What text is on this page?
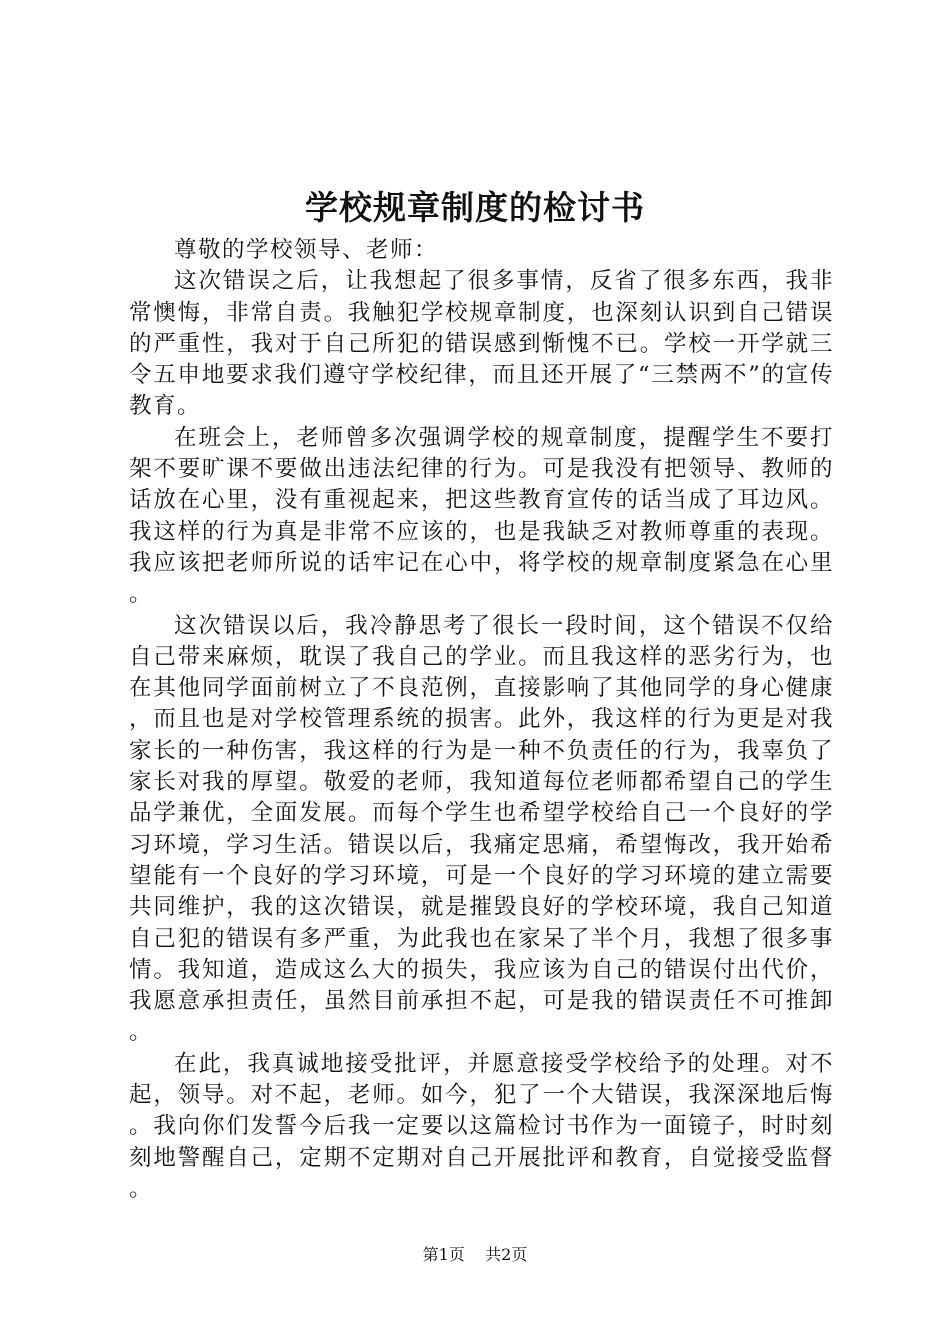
学校规章制度的检讨书

尊敬的学校领导、老师：

这次错误之后，让我想起了很多事情，反省了很多东西，我非常懊悔，非常自责。我触犯学校规章制度，也深刻认识到自己错误的严重性，我对于自己所犯的错误感到惭愧不已。学校一开学就三令五申地要求我们遵守学校纪律，而且还开展了“三禁两不”的宣传教育。

在班会上，老师曾多次强调学校的规章制度，提醒学生不要打架不要旷课不要做出违法纪律的行为。可是我没有把领导、教师的话放在心里，没有重视起来，把这些教育宣传的话当成了耳边风。我这样的行为真是非常不应该的，也是我缺乏对教师尊重的表现。我应该把老师所说的话牢记在心中，将学校的规章制度紧急在心里。

这次错误以后，我冷静思考了很长一段时间，这个错误不仅给自己带来麻烦，耽误了我自己的学业。而且我这样的恶劣行为，也在其他同学面前树立了不良范例，直接影响了其他同学的身心健康，而且也是对学校管理系统的损害。此外，我这样的行为更是对我家长的一种伤害，我这样的行为是一种不负责任的行为，我辜负了家长对我的厚望。敬爱的老师，我知道每位老师都希望自己的学生品学兼优，全面发展。而每个学生也希望学校给自己一个良好的学习环境，学习生活。错误以后，我痛定思痛，希望悔改，我开始希望能有一个良好的学习环境，可是一个良好的学习环境的建立需要共同维护，我的这次错误，就是摧毁良好的学校环境，我自己知道自己犯的错误有多严重，为此我也在家呆了半个月，我想了很多事情。我知道，造成这么大的损失，我应该为自己的错误付出代价，我愿意承担责任，虽然目前承担不起，可是我的错误责任不可推卸。

在此，我真诚地接受批评，并愿意接受学校给予的处理。对不起，领导。对不起，老师。如今，犯了一个大错误，我深深地后悔。我向你们发誓今后我一定要以这篇检讨书作为一面镜子，时时刻刻地警醒自己，定期不定期对自己开展批评和教育，自觉接受监督。

第1页 共2页
